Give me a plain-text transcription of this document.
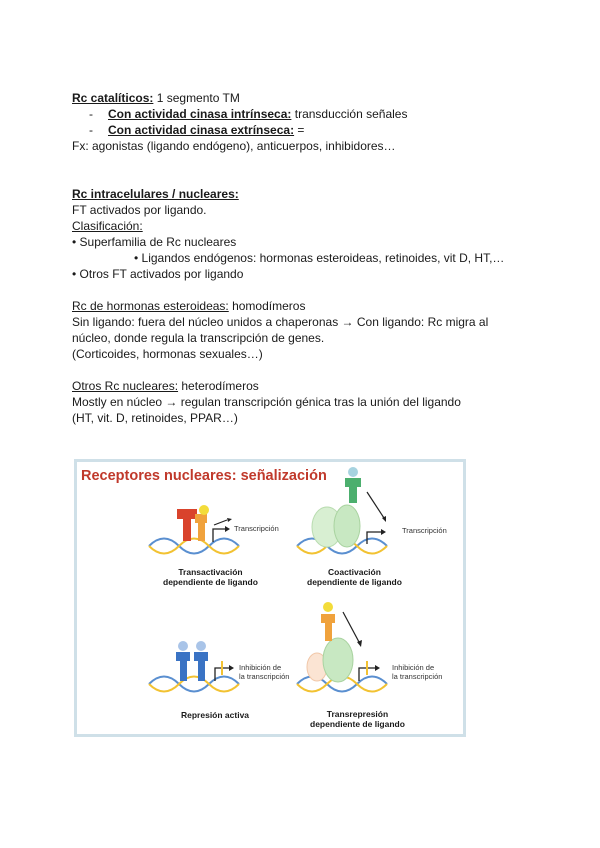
Rc catalíticos: 1 segmento TM
- Con actividad cinasa intrínseca: transducción señales
- Con actividad cinasa extrínseca: =
Fx: agonistas (ligando endógeno), anticuerpos, inhibidores…
Rc intracelulares / nucleares:
FT activados por ligando.
Clasificación:
• Superfamilia de Rc nucleares
• Ligandos endógenos: hormonas esteroideas, retinoides, vit D, HT,…
• Otros FT activados por ligando
Rc de hormonas esteroideas: homodímeros
Sin ligando: fuera del núcleo unidos a chaperonas → Con ligando: Rc migra al
núcleo, donde regula la transcripción de genes.
(Corticoides, hormonas sexuales…)
Otros Rc nucleares: heterodímeros
Mostly en núcleo → regulan transcripción génica tras la unión del ligando
(HT, vit. D, retinoides, PPAR…)
Receptores nucleares: señalización
Transcripción
Transactivación
dependiente de ligando
Transcripción
Coactivación
dependiente de ligando
Inhibición de
la transcripción
Represión activa
Inhibición de
la transcripción
Transrepresión
dependiente de ligando
